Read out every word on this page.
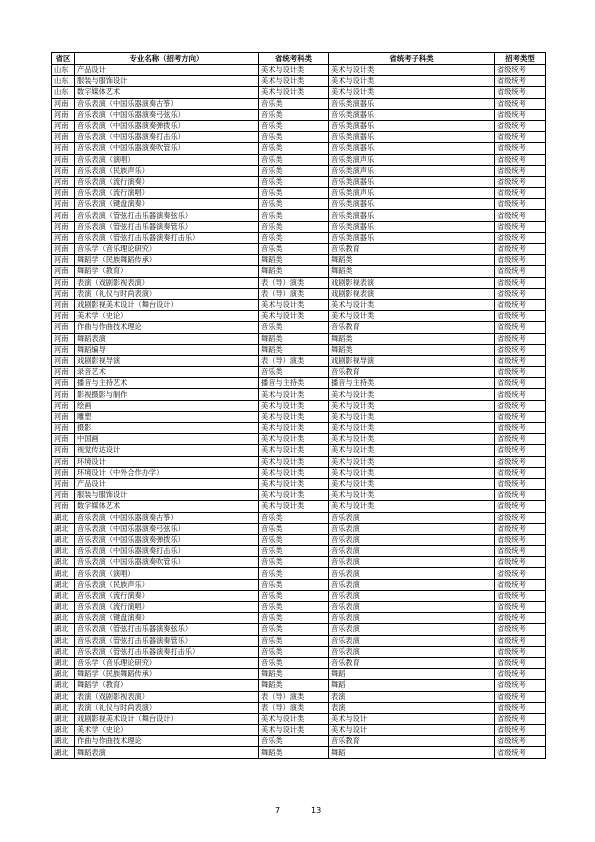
省区	专业名称（招考方向）	省统考科类	省统考子科类	招考类型
山东	产品设计	美术与设计类	美术与设计类	省级统考
山东	服装与服饰设计	美术与设计类	美术与设计类	省级统考
山东	数字媒体艺术	美术与设计类	美术与设计类	省级统考
河南	音乐表演（中国乐器演奏古筝）	音乐类	音乐类演器乐	省级统考
河南	音乐表演（中国乐器演奏弓弦乐）	音乐类	音乐类演器乐	省级统考
河南	音乐表演（中国乐器演奏弹拨乐）	音乐类	音乐类演器乐	省级统考
河南	音乐表演（中国乐器演奏打击乐）	音乐类	音乐类演器乐	省级统考
河南	音乐表演（中国乐器演奏吹管乐）	音乐类	音乐类演器乐	省级统考
河南	音乐表演（演唱）	音乐类	音乐类演声乐	省级统考
河南	音乐表演（民族声乐）	音乐类	音乐类演声乐	省级统考
河南	音乐表演（流行演奏）	音乐类	音乐类演器乐	省级统考
河南	音乐表演（流行演唱）	音乐类	音乐类演声乐	省级统考
河南	音乐表演（键盘演奏）	音乐类	音乐类演器乐	省级统考
河南	音乐表演（管弦打击乐器演奏弦乐）	音乐类	音乐类演器乐	省级统考
河南	音乐表演（管弦打击乐器演奏管乐）	音乐类	音乐类演器乐	省级统考
河南	音乐表演（管弦打击乐器演奏打击乐）	音乐类	音乐类演器乐	省级统考
河南	音乐学（音乐理论研究）	音乐类	音乐教育	省级统考
河南	舞蹈学（民族舞蹈传承）	舞蹈类	舞蹈类	省级统考
河南	舞蹈学（教育）	舞蹈类	舞蹈类	省级统考
河南	表演（戏剧影视表演）	表（导）演类	戏剧影视表演	省级统考
河南	表演（礼仪与时尚表演）	表（导）演类	戏剧影视表演	省级统考
河南	戏剧影视美术设计（舞台设计）	美术与设计类	美术与设计类	省级统考
河南	美术学（史论）	美术与设计类	美术与设计类	省级统考
河南	作曲与作曲技术理论	音乐类	音乐教育	省级统考
河南	舞蹈表演	舞蹈类	舞蹈类	省级统考
河南	舞蹈编导	舞蹈类	舞蹈类	省级统考
河南	戏剧影视导演	表（导）演类	戏剧影视导演	省级统考
河南	录音艺术	音乐类	音乐教育	省级统考
河南	播音与主持艺术	播音与主持类	播音与主持类	省级统考
河南	影视摄影与制作	美术与设计类	美术与设计类	省级统考
河南	绘画	美术与设计类	美术与设计类	省级统考
河南	雕塑	美术与设计类	美术与设计类	省级统考
河南	摄影	美术与设计类	美术与设计类	省级统考
河南	中国画	美术与设计类	美术与设计类	省级统考
河南	视觉传达设计	美术与设计类	美术与设计类	省级统考
河南	环境设计	美术与设计类	美术与设计类	省级统考
河南	环境设计（中外合作办学）	美术与设计类	美术与设计类	省级统考
河南	产品设计	美术与设计类	美术与设计类	省级统考
河南	服装与服饰设计	美术与设计类	美术与设计类	省级统考
河南	数字媒体艺术	美术与设计类	美术与设计类	省级统考
湖北	音乐表演（中国乐器演奏古筝）	音乐类	音乐表演	省级统考
湖北	音乐表演（中国乐器演奏弓弦乐）	音乐类	音乐表演	省级统考
湖北	音乐表演（中国乐器演奏弹拨乐）	音乐类	音乐表演	省级统考
湖北	音乐表演（中国乐器演奏打击乐）	音乐类	音乐表演	省级统考
湖北	音乐表演（中国乐器演奏吹管乐）	音乐类	音乐表演	省级统考
湖北	音乐表演（演唱）	音乐类	音乐表演	省级统考
湖北	音乐表演（民族声乐）	音乐类	音乐表演	省级统考
湖北	音乐表演（流行演奏）	音乐类	音乐表演	省级统考
湖北	音乐表演（流行演唱）	音乐类	音乐表演	省级统考
湖北	音乐表演（键盘演奏）	音乐类	音乐表演	省级统考
湖北	音乐表演（管弦打击乐器演奏弦乐）	音乐类	音乐表演	省级统考
湖北	音乐表演（管弦打击乐器演奏管乐）	音乐类	音乐表演	省级统考
湖北	音乐表演（管弦打击乐器演奏打击乐）	音乐类	音乐表演	省级统考
湖北	音乐学（音乐理论研究）	音乐类	音乐教育	省级统考
湖北	舞蹈学（民族舞蹈传承）	舞蹈类	舞蹈	省级统考
湖北	舞蹈学（教育）	舞蹈类	舞蹈	省级统考
湖北	表演（戏剧影视表演）	表（导）演类	表演	省级统考
湖北	表演（礼仪与时尚表演）	表（导）演类	表演	省级统考
湖北	戏剧影视美术设计（舞台设计）	美术与设计类	美术与设计	省级统考
湖北	美术学（史论）	美术与设计类	美术与设计	省级统考
湖北	作曲与作曲技术理论	音乐类	音乐教育	省级统考
湖北	舞蹈表演	舞蹈类	舞蹈	省级统考
7	13
